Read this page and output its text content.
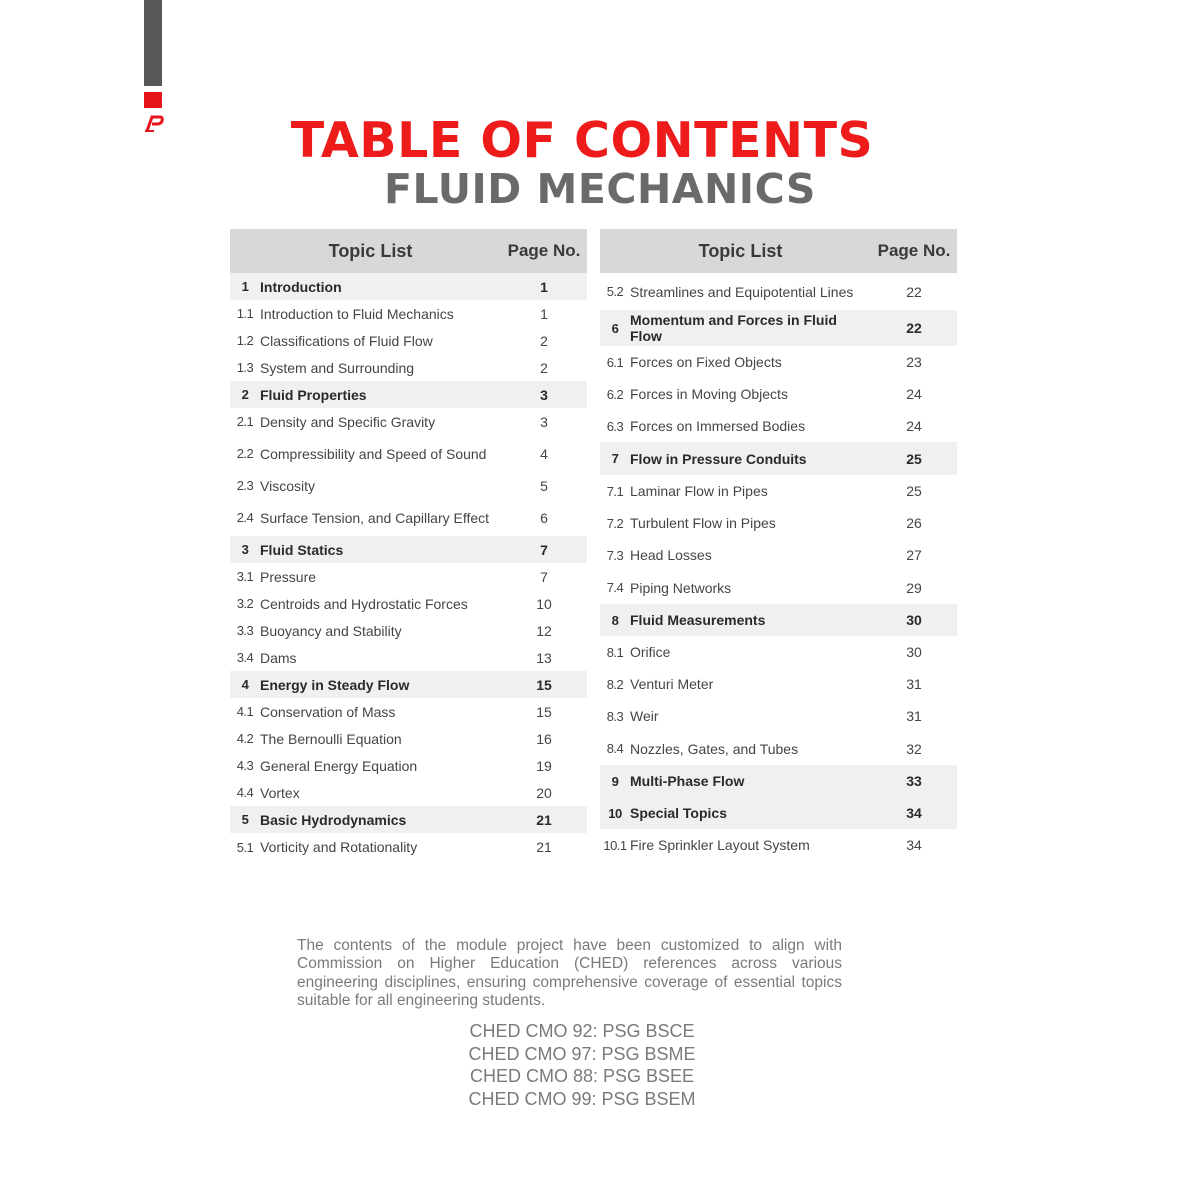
TABLE OF CONTENTS
FLUID MECHANICS
Topic List	Page No.
1 Introduction	1
1.1 Introduction to Fluid Mechanics	1
1.2 Classifications of Fluid Flow	2
1.3 System and Surrounding	2
2 Fluid Properties	3
2.1 Density and Specific Gravity	3
2.2 Compressibility and Speed of Sound	4
2.3 Viscosity	5
2.4 Surface Tension, and Capillary Effect	6
3 Fluid Statics	7
3.1 Pressure	7
3.2 Centroids and Hydrostatic Forces	10
3.3 Buoyancy and Stability	12
3.4 Dams	13
4 Energy in Steady Flow	15
4.1 Conservation of Mass	15
4.2 The Bernoulli Equation	16
4.3 General Energy Equation	19
4.4 Vortex	20
5 Basic Hydrodynamics	21
5.1 Vorticity and Rotationality	21
Topic List	Page No.
5.2 Streamlines and Equipotential Lines	22
6 Momentum and Forces in Fluid Flow	22
6.1 Forces on Fixed Objects	23
6.2 Forces in Moving Objects	24
6.3 Forces on Immersed Bodies	24
7 Flow in Pressure Conduits	25
7.1 Laminar Flow in Pipes	25
7.2 Turbulent Flow in Pipes	26
7.3 Head Losses	27
7.4 Piping Networks	29
8 Fluid Measurements	30
8.1 Orifice	30
8.2 Venturi Meter	31
8.3 Weir	31
8.4 Nozzles, Gates, and Tubes	32
9 Multi-Phase Flow	33
10 Special Topics	34
10.1 Fire Sprinkler Layout System	34
The contents of the module project have been customized to align with Commission on Higher Education (CHED) references across various engineering disciplines, ensuring comprehensive coverage of essential topics suitable for all engineering students.
CHED CMO 92: PSG BSCE
CHED CMO 97: PSG BSME
CHED CMO 88: PSG BSEE
CHED CMO 99: PSG BSEM
